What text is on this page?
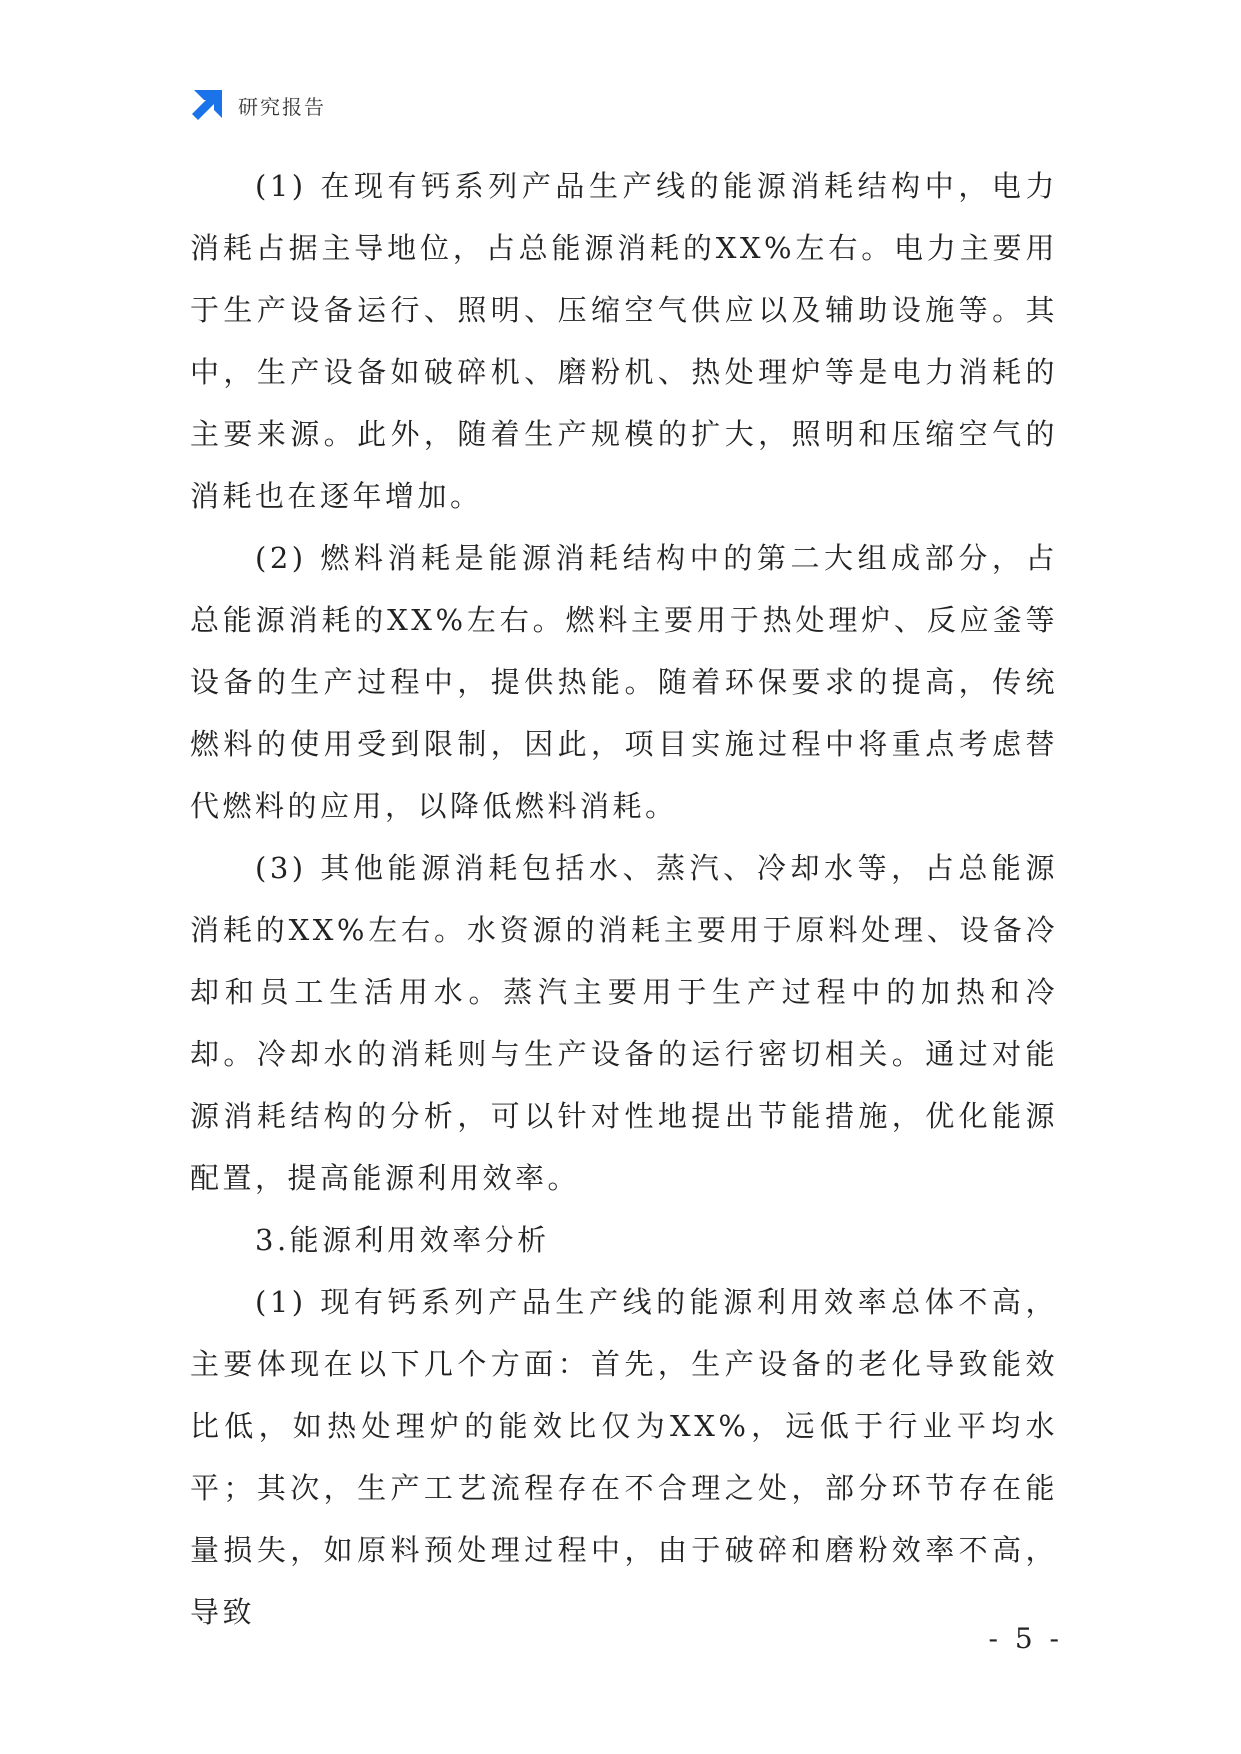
研究报告

(1) 在现有钙系列产品生产线的能源消耗结构中，电力消耗占据主导地位，占总能源消耗的XX%左右。电力主要用于生产设备运行、照明、压缩空气供应以及辅助设施等。其中，生产设备如破碎机、磨粉机、热处理炉等是电力消耗的主要来源。此外，随着生产规模的扩大，照明和压缩空气的消耗也在逐年增加。

(2) 燃料消耗是能源消耗结构中的第二大组成部分，占总能源消耗的XX%左右。燃料主要用于热处理炉、反应釜等设备的生产过程中，提供热能。随着环保要求的提高，传统燃料的使用受到限制，因此，项目实施过程中将重点考虑替代燃料的应用，以降低燃料消耗。

(3) 其他能源消耗包括水、蒸汽、冷却水等，占总能源消耗的XX%左右。水资源的消耗主要用于原料处理、设备冷却和员工生活用水。蒸汽主要用于生产过程中的加热和冷却。冷却水的消耗则与生产设备的运行密切相关。通过对能源消耗结构的分析，可以针对性地提出节能措施，优化能源配置，提高能源利用效率。

3.能源利用效率分析

(1) 现有钙系列产品生产线的能源利用效率总体不高，主要体现在以下几个方面：首先，生产设备的老化导致能效比低，如热处理炉的能效比仅为XX%，远低于行业平均水平；其次，生产工艺流程存在不合理之处，部分环节存在能量损失，如原料预处理过程中，由于破碎和磨粉效率不高，导致

- 5 -
